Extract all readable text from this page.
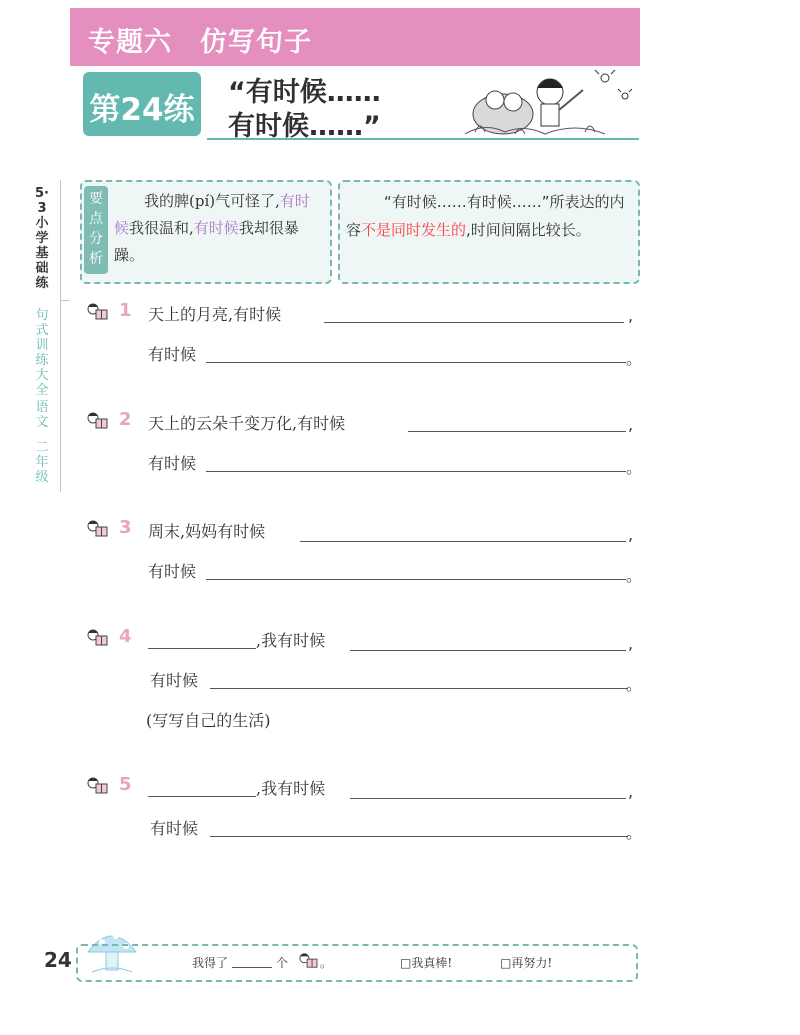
专题六　仿写句子
第24练 “有时候……
有时候……”
5·3小学基础练
句式训练大全
语文
二年级
要点分析
我的脾(pí)气可怪了,有时候我很温和,有时候我却很暴躁。
“有时候……有时候……”所表达的内容不是同时发生的,时间间隔比较长。
1 天上的月亮,有时候	,
有时候	。
2 天上的云朵千变万化,有时候	,
有时候	。
3 周末,妈妈有时候	,
有时候	。
4	,我有时候	,
有时候	。
(写写自己的生活)
5	,我有时候	,
有时候	。
24	我得了	个	。	□我真棒!	□再努力!
